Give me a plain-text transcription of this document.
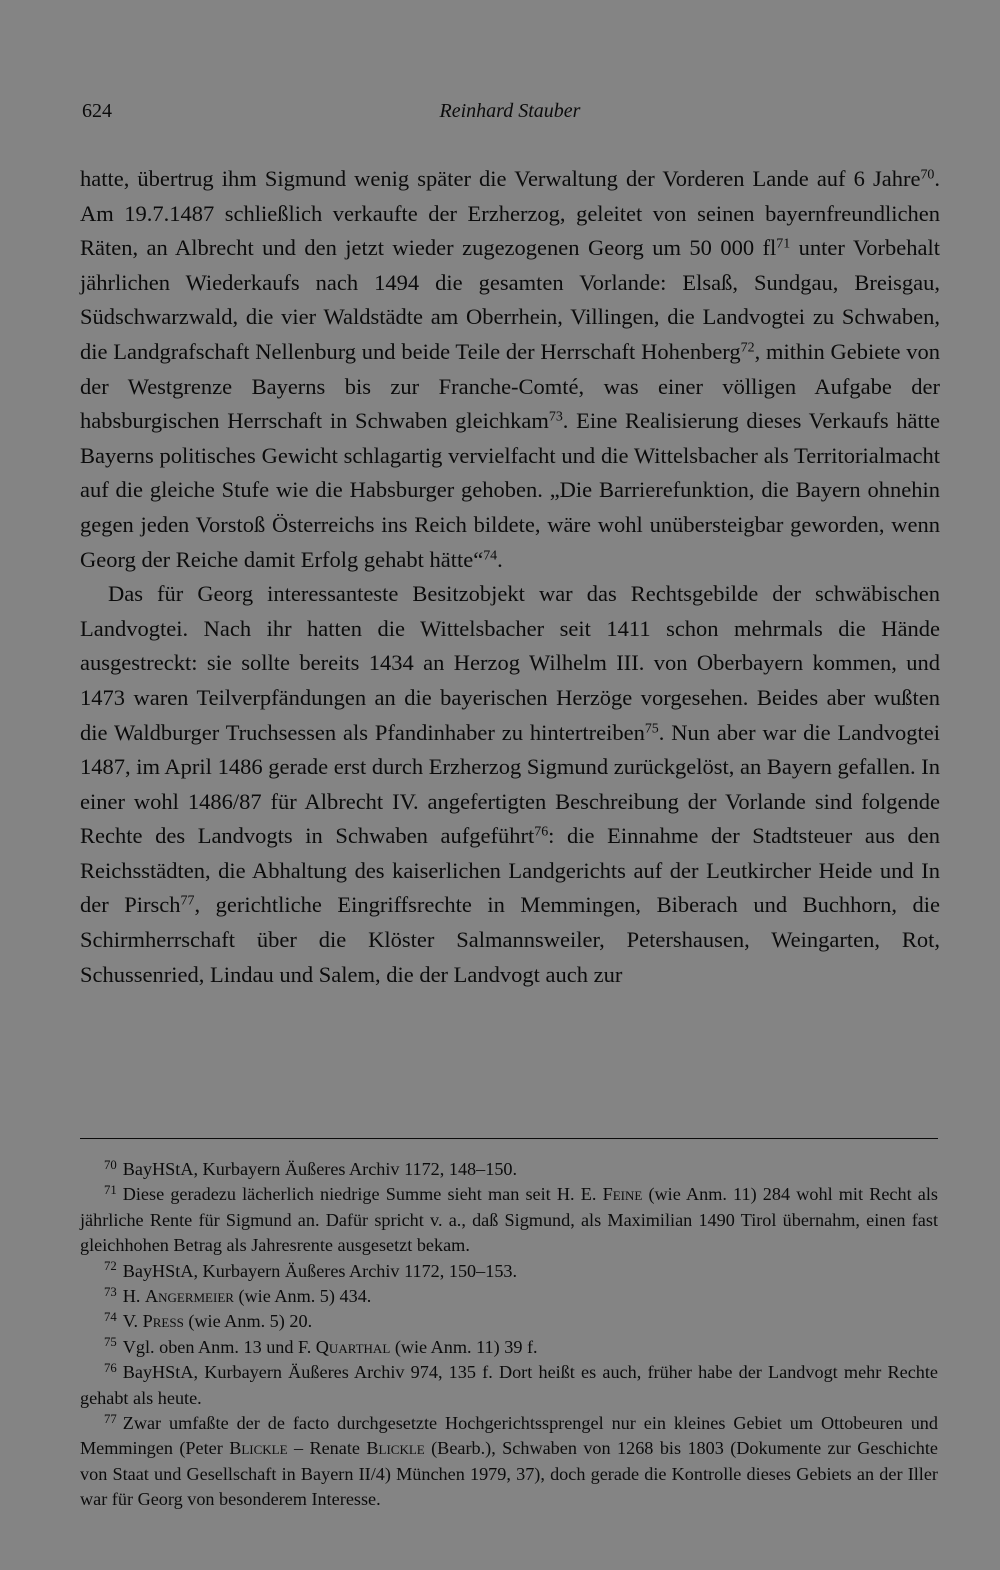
624	Reinhard Stauber

hatte, übertrug ihm Sigmund wenig später die Verwaltung der Vorderen Lande auf 6 Jahre$^{70}$. Am 19.7.1487 schließlich verkaufte der Erzherzog, geleitet von seinen bayernfreundlichen Räten, an Albrecht und den jetzt wieder zugezogenen Georg um 50 000 $fl^{71}$ unter Vorbehalt jährlichen Wiederkaufs nach 1494 die gesamten Vorlande: Elsaß, Sundgau, Breisgau, Südschwarzwald, die vier Waldstädte am Oberrhein, Villingen, die Landvogtei zu Schwaben, die Landgrafschaft Nellenburg und beide Teile der Herrschaft Hohenberg$^{72}$, mithin Gebiete von der Westgrenze Bayerns bis zur Franche-Comté, was einer völligen Aufgabe der habsburgischen Herrschaft in Schwaben gleichkam$^{73}$. Eine Realisierung dieses Verkaufs hätte Bayerns politisches Gewicht schlagartig vervielfacht und die Wittelsbacher als Territorialmacht auf die gleiche Stufe wie die Habsburger gehoben. „Die Barrierefunktion, die Bayern ohnehin gegen jeden Vorstoß Österreichs ins Reich bildete, wäre wohl unübersteigbar geworden, wenn Georg der Reiche damit Erfolg gehabt hätte“$^{74}$.

Das für Georg interessanteste Besitzobjekt war das Rechtsgebilde der schwäbischen Landvogtei. Nach ihr hatten die Wittelsbacher seit 1411 schon mehrmals die Hände ausgestreckt: sie sollte bereits 1434 an Herzog Wilhelm III. von Oberbayern kommen, und 1473 waren Teilverpfändungen an die bayerischen Herzöge vorgesehen. Beides aber wußten die Waldburger Truchsessen als Pfandinhaber zu hintertreiben$^{75}$. Nun aber war die Landvogtei 1487, im April 1486 gerade erst durch Erzherzog Sigmund zurückgelöst, an Bayern gefallen. In einer wohl 1486/87 für Albrecht IV. angefertigten Beschreibung der Vorlande sind folgende Rechte des Landvogts in Schwaben aufgeführt$^{76}$: die Einnahme der Stadtsteuer aus den Reichsstädten, die Abhaltung des kaiserlichen Landgerichts auf der Leutkircher Heide und In der Pirsch$^{77}$, gerichtliche Eingriffsrechte in Memmingen, Biberach und Buchhorn, die Schirmherrschaft über die Klöster Salmannsweiler, Petershausen, Weingarten, Rot, Schussenried, Lindau und Salem, die der Landvogt auch zur

$^{70}$ BayHStA, Kurbayern Äußeres Archiv 1172, 148–150.

$^{71}$ Diese geradezu lächerlich niedrige Summe sieht man seit H. E. Feine (wie Anm. 11) 284 wohl mit Recht als jährliche Rente für Sigmund an. Dafür spricht v. a., daß Sigmund, als Maximilian 1490 Tirol übernahm, einen fast gleichhohen Betrag als Jahresrente ausgesetzt bekam.

$^{72}$ BayHStA, Kurbayern Äußeres Archiv 1172, 150–153.

$^{73}$ H. Angermeier (wie Anm. 5) 434.

$^{74}$ V. Press (wie Anm. 5) 20.

$^{75}$ Vgl. oben Anm. 13 und F. Quarthal (wie Anm. 11) 39 f.

$^{76}$ BayHStA, Kurbayern Äußeres Archiv 974, 135 f. Dort heißt es auch, früher habe der Landvogt mehr Rechte gehabt als heute.

$^{77}$ Zwar umfaßte der de facto durchgesetzte Hochgerichtssprengel nur ein kleines Gebiet um Ottobeuren und Memmingen (Peter Blickle – Renate Blickle (Bearb.), Schwaben von 1268 bis 1803 (Dokumente zur Geschichte von Staat und Gesellschaft in Bayern II/4) München 1979, 37), doch gerade die Kontrolle dieses Gebiets an der Iller war für Georg von besonderem Interesse.
